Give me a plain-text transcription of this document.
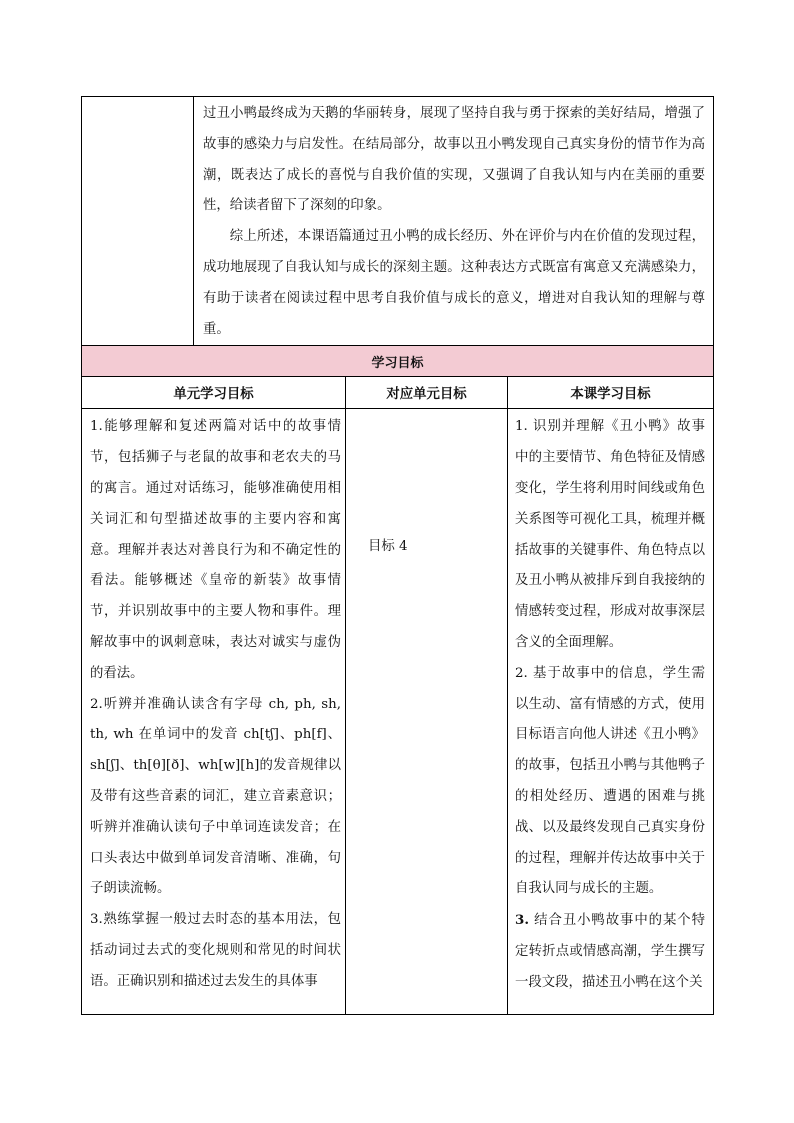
过丑小鸭最终成为天鹅的华丽转身，展现了坚持自我与勇于探索的美好结局，增强了故事的感染力与启发性。在结局部分，故事以丑小鸭发现自己真实身份的情节作为高潮，既表达了成长的喜悦与自我价值的实现，又强调了自我认知与内在美丽的重要性，给读者留下了深刻的印象。

综上所述，本课语篇通过丑小鸭的成长经历、外在评价与内在价值的发现过程，成功地展现了自我认知与成长的深刻主题。这种表达方式既富有寓意又充满感染力，有助于读者在阅读过程中思考自我价值与成长的意义，增进对自我认知的理解与尊重。

学习目标
单元学习目标	对应单元目标	本课学习目标

1.能够理解和复述两篇对话中的故事情节，包括狮子与老鼠的故事和老农夫的马的寓言。通过对话练习，能够准确使用相关词汇和句型描述故事的主要内容和寓意。理解并表达对善良行为和不确定性的看法。能够概述《皇帝的新装》故事情节，并识别故事中的主要人物和事件。理解故事中的讽刺意味，表达对诚实与虚伪的看法。

2.听辨并准确认读含有字母 ch, ph, sh, th, wh 在单词中的发音 ch[tʃ]、ph[f]、sh[ʃ]、th[θ][ð]、wh[w][h]的发音规律以及带有这些音素的词汇，建立音素意识；听辨并准确认读句子中单词连读发音；在口头表达中做到单词发音清晰、准确，句子朗读流畅。

3.熟练掌握一般过去时态的基本用法，包括动词过去式的变化规则和常见的时间状语。正确识别和描述过去发生的具体事

目标 4

1. 识别并理解《丑小鸭》故事中的主要情节、角色特征及情感变化，学生将利用时间线或角色关系图等可视化工具，梳理并概括故事的关键事件、角色特点以及丑小鸭从被排斥到自我接纳的情感转变过程，形成对故事深层含义的全面理解。

2. 基于故事中的信息，学生需以生动、富有情感的方式，使用目标语言向他人讲述《丑小鸭》的故事，包括丑小鸭与其他鸭子的相处经历、遭遇的困难与挑战、以及最终发现自己真实身份的过程，理解并传达故事中关于自我认同与成长的主题。

3. 结合丑小鸭故事中的某个特定转折点或情感高潮，学生撰写一段文段，描述丑小鸭在这个关
